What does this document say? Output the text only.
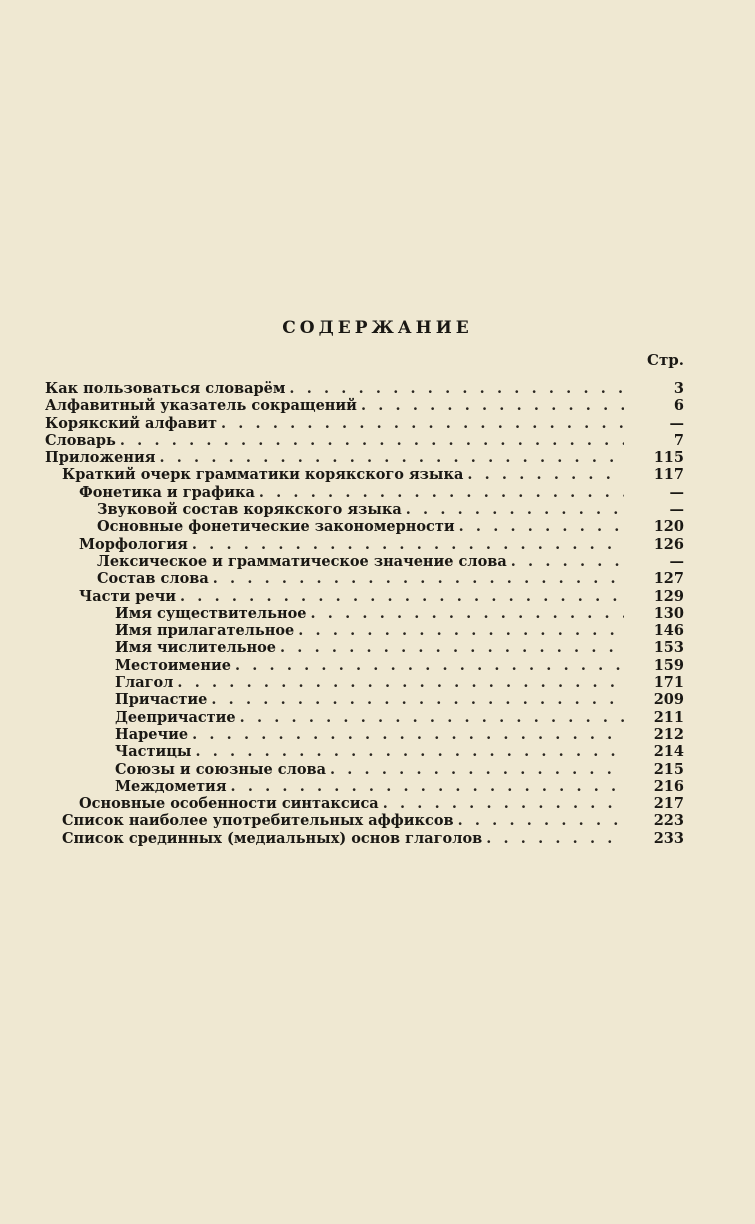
СОДЕРЖАНИЕ
Стр.
Как пользоваться словарём . . .	3
Алфавитный указатель сокращений . . .	6
Корякский алфавит . . .	—
Словарь . . .	7
Приложения . . .	115
Краткий очерк грамматики корякского языка . . .	117
Фонетика и графика . . .	—
Звуковой состав корякского языка . . .	—
Основные фонетические закономерности . . .	120
Морфология . . .	126
Лексическое и грамматическое значение слова . . .	—
Состав слова . . .	127
Части речи . . .	129
Имя существительное . . .	130
Имя прилагательное . . .	146
Имя числительное . . .	153
Местоимение . . .	159
Глагол . . .	171
Причастие . . .	209
Деепричастие . . .	211
Наречие . . .	212
Частицы . . .	214
Союзы и союзные слова . . .	215
Междометия . . .	216
Основные особенности синтаксиса . . .	217
Список наиболее употребительных аффиксов . . .	223
Список срединных (медиальных) основ глаголов . . .	233
